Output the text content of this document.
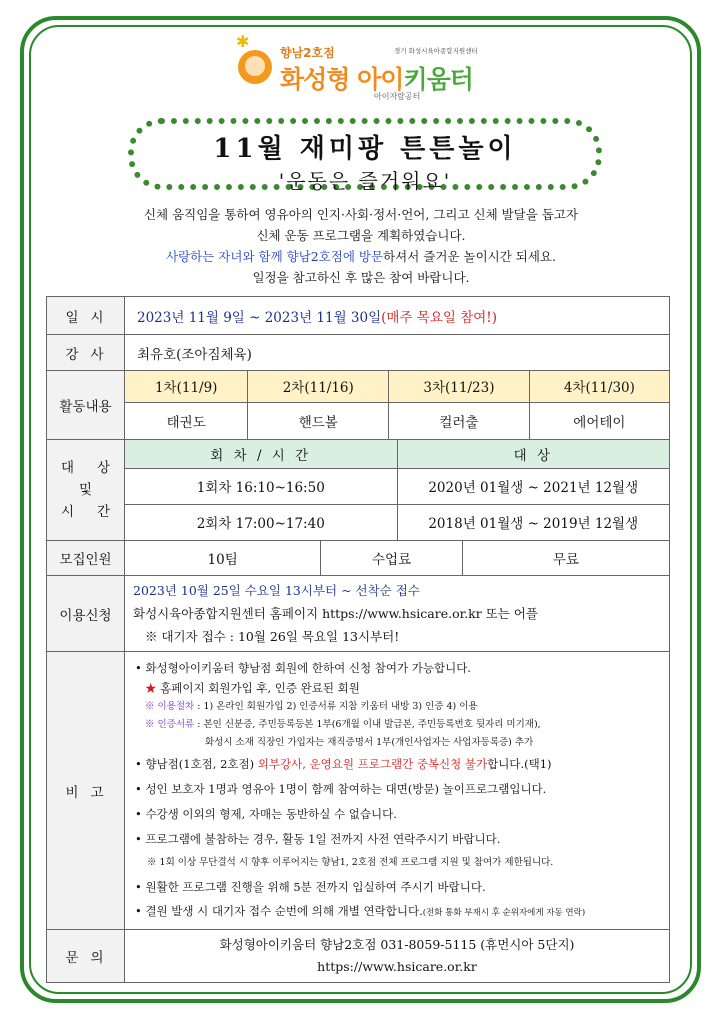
✱
향남2호점	경기 화성시육아종합지원센터
화성형 아이키움터
아이자람공터
11월 재미팡 튼튼놀이
'운동은 즐거워요'
신체 움직임을 통하여 영유아의 인지·사회·정서·언어, 그리고 신체 발달을 돕고자
신체 운동 프로그램을 계획하였습니다.
사랑하는 자녀와 함께 향남2호점에 방문하셔서 즐거운 놀이시간 되세요.
일정을 참고하신 후 많은 참여 바랍니다.
일시	2023년 11월 9일 ~ 2023년 11월 30일(매주 목요일 참여!)
강사	최유호(조아짐체육)
활동내용	
1차(11/9)	2차(11/16)	3차(11/23)	4차(11/30)
태권도	핸드볼	컬러출	에어테이

대 상
및
시 간

회 차 / 시 간	대 상
1회차 16:10~16:50	2020년 01월생 ~ 2021년 12월생
2회차 17:00~17:40	2018년 01월생 ~ 2019년 12월생

모집인원		10팀	수업료	무료

이용신청	
2023년 10월 25일 수요일 13시부터 ~ 선착순 접수
화성시육아종합지원센터 홈페이지 https://www.hsicare.or.kr 또는 어플
※ 대기자 접수 : 10월 26일 목요일 13시부터!

비고	
• 화성형아이키움터 향남점 회원에 한하여 신청 참여가 가능합니다.
★ 홈페이지 회원가입 후, 인증 완료된 회원
※ 이용절차 : 1) 온라인 회원가입 2) 인증서류 지참 키움터 내방 3) 인증 4) 이용
※ 인증서류 : 본인 신분증, 주민등록등본 1부(6개월 이내 발급본, 주민등록번호 뒷자리 미기재),
화성시 소재 직장인 가입자는 재직증명서 1부(개인사업자는 사업자등록증) 추가
• 향남점(1호점, 2호점) 외부강사, 운영요원 프로그램간 중복신청 불가합니다.(택1)
• 성인 보호자 1명과 영유아 1명이 함께 참여하는 대면(방문) 놀이프로그램입니다.
• 수강생 이외의 형제, 자매는 동반하실 수 없습니다.
• 프로그램에 불참하는 경우, 활동 1일 전까지 사전 연락주시기 바랍니다.
※ 1회 이상 무단결석 시 향후 이루어지는 향남1, 2호점 전체 프로그램 지원 및 참여가 제한됩니다.
• 원활한 프로그램 진행을 위해 5분 전까지 입실하여 주시기 바랍니다.
• 결원 발생 시 대기자 접수 순번에 의해 개별 연락합니다.(전화 통화 부재시 후 순위자에게 자동 연락)

문의	
화성형아이키움터 향남2호점 031-8059-5115 (휴먼시아 5단지)
https://www.hsicare.or.kr
